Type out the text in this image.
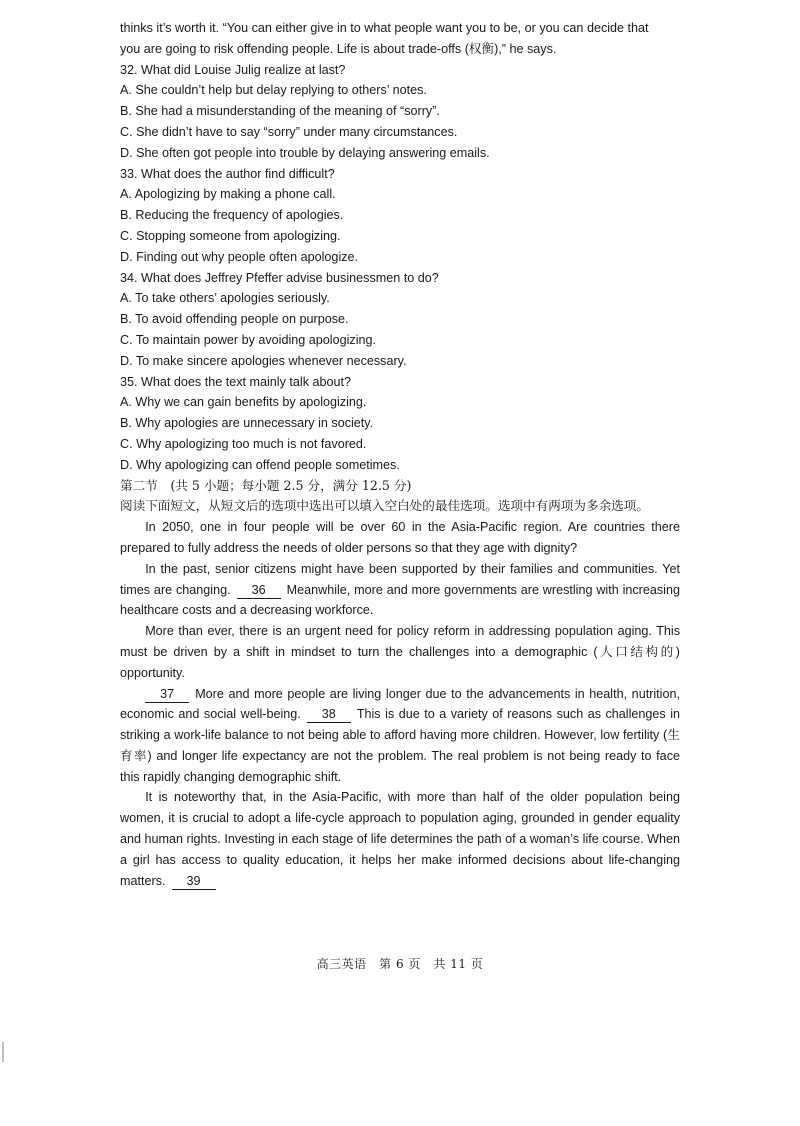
thinks it’s worth it. “You can either give in to what people want you to be, or you can decide that
you are going to risk offending people. Life is about trade-offs (权衡),” he says.
32. What did Louise Julig realize at last?
A. She couldn’t help but delay replying to others’ notes.
B. She had a misunderstanding of the meaning of “sorry”.
C. She didn’t have to say “sorry” under many circumstances.
D. She often got people into trouble by delaying answering emails.
33. What does the author find difficult?
A. Apologizing by making a phone call.
B. Reducing the frequency of apologies.
C. Stopping someone from apologizing.
D. Finding out why people often apologize.
34. What does Jeffrey Pfeffer advise businessmen to do?
A. To take others’ apologies seriously.
B. To avoid offending people on purpose.
C. To maintain power by avoiding apologizing.
D. To make sincere apologies whenever necessary.
35. What does the text mainly talk about?
A. Why we can gain benefits by apologizing.
B. Why apologies are unnecessary in society.
C. Why apologizing too much is not favored.
D. Why apologizing can offend people sometimes.
第二节　(共 5 小题；每小题 2.5 分，满分 12.5 分)

阅读下面短文，从短文后的选项中选出可以填入空白处的最佳选项。选项中有两项为多余选项。

In 2050, one in four people will be over 60 in the Asia-Pacific region. Are countries there prepared to fully address the needs of older persons so that they age with dignity?

In the past, senior citizens might have been supported by their families and communities. Yet times are changing. 36 Meanwhile, more and more governments are wrestling with increasing healthcare costs and a decreasing workforce.

More than ever, there is an urgent need for policy reform in addressing population aging. This must be driven by a shift in mindset to turn the challenges into a demographic (人口结构的) opportunity.

37 More and more people are living longer due to the advancements in health, nutrition, economic and social well-being. 38 This is due to a variety of reasons such as challenges in striking a work-life balance to not being able to afford having more children. However, low fertility (生育率) and longer life expectancy are not the problem. The real problem is not being ready to face this rapidly changing demographic shift.

It is noteworthy that, in the Asia-Pacific, with more than half of the older population being women, it is crucial to adopt a life-cycle approach to population aging, grounded in gender equality and human rights. Investing in each stage of life determines the path of a woman’s life course. When a girl has access to quality education, it helps her make informed decisions about life-changing matters. 39

高三英语　第 6 页　共 11 页
